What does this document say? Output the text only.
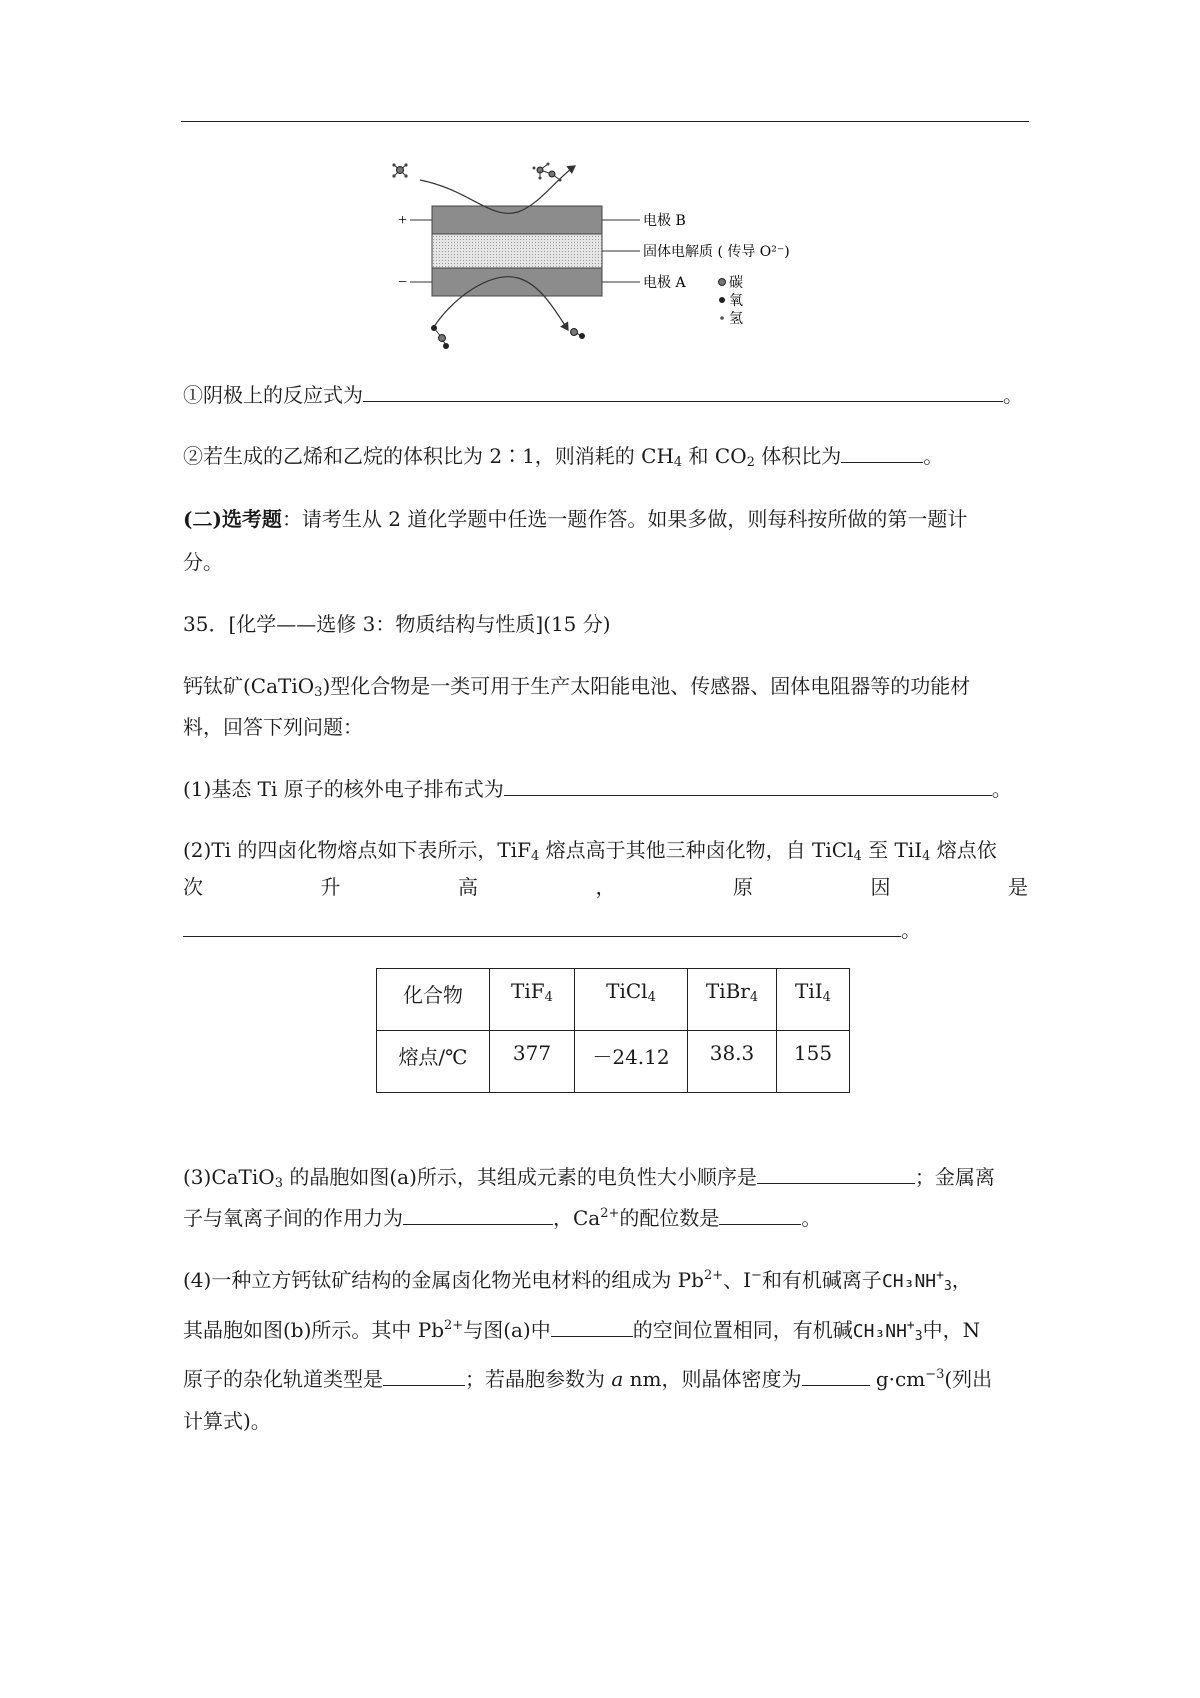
+
−
电极 B
固体电解质 ( 传导 O²⁻)
电极 A	碳
氧
氢
①阴极上的反应式为	。
②若生成的乙烯和乙烷的体积比为 2∶1，则消耗的 $CH_4$ 和 $CO_2$ 体积比为	。
(二)选考题：请考生从 2 道化学题中任选一题作答。如果多做，则每科按所做的第一题计
分。
35．[化学——选修 3：物质结构与性质](15 分)
钙钛矿(CaTiO$_3$)型化合物是一类可用于生产太阳能电池、传感器、固体电阻器等的功能材
料，回答下列问题：
(1)基态 Ti 原子的核外电子排布式为	。
(2)Ti 的四卤化物熔点如下表所示，TiF$_4$ 熔点高于其他三种卤化物，自 TiCl$_4$ 至 TiI$_4$ 熔点依
次	升	高	，	原	因	是
。
化合物	TiF$_4$	TiCl$_4$	TiBr$_4$	TiI$_4$
熔点/℃	377	－24.12	38.3	155
(3)CaTiO$_3$ 的晶胞如图(a)所示，其组成元素的电负性大小顺序是	；金属离
子与氧离子间的作用力为	，$Ca^{2+}$的配位数是	。
(4)一种立方钙钛矿结构的金属卤化物光电材料的组成为 $Pb^{2+}$、I−和有机碱离子$CH_3NH^+_3$，
其晶胞如图(b)所示。其中 $Pb^{2+}$与图(a)中	的空间位置相同，有机碱$CH_3NH^+_3$中，N
原子的杂化轨道类型是	；若晶胞参数为 a nm，则晶体密度为	$g\cdot cm^{-3}$(列出
计算式)。
